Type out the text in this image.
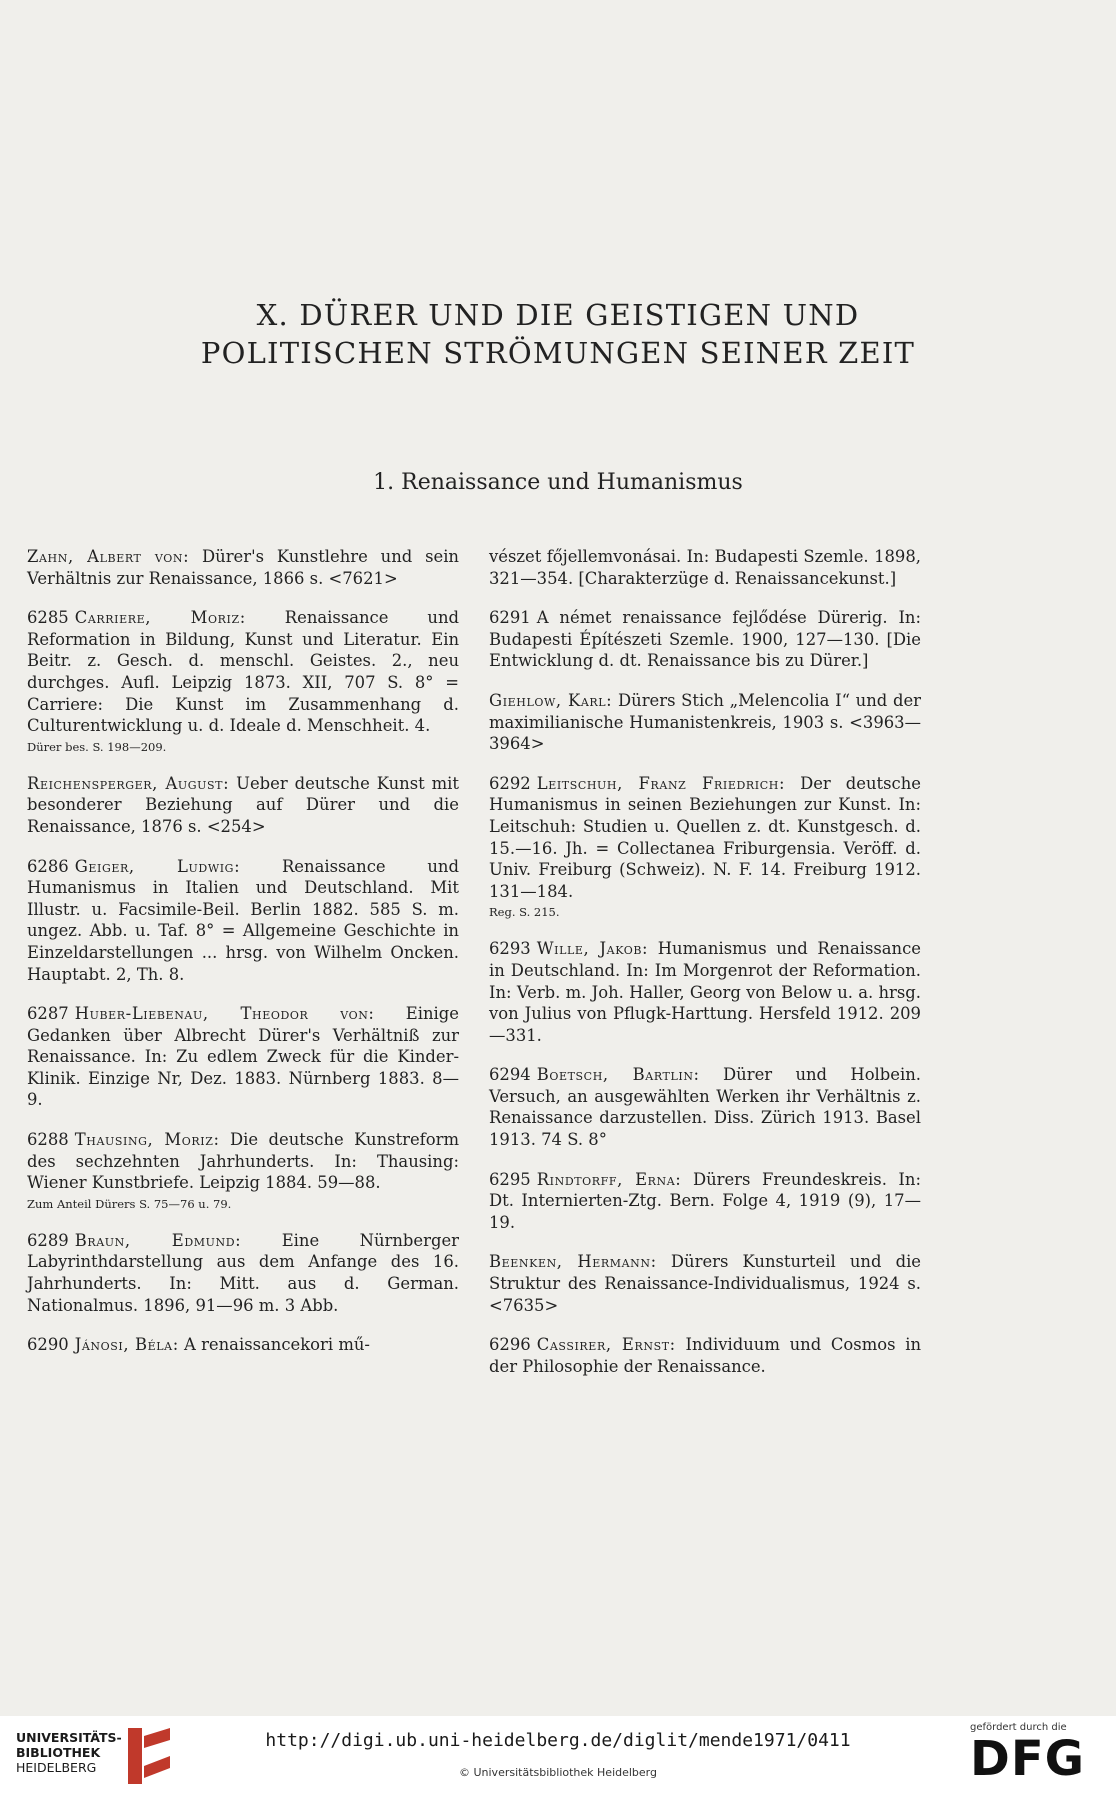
X. DÜRER UND DIE GEISTIGEN UND
POLITISCHEN STRÖMUNGEN SEINER ZEIT
1. Renaissance und Humanismus

Zahn, Albert von: Dürer's Kunstlehre und sein Verhältnis zur Renaissance, 1866 s. <7621>

6285 Carriere, Moriz: Renaissance und Reformation in Bildung, Kunst und Literatur. Ein Beitr. z. Gesch. d. menschl. Geistes. 2., neu durchges. Aufl. Leipzig 1873. XII, 707 S. 8° = Carriere: Die Kunst im Zusammenhang d. Culturentwicklung u. d. Ideale d. Menschheit. 4.
Dürer bes. S. 198—209.

Reichensperger, August: Ueber deutsche Kunst mit besonderer Beziehung auf Dürer und die Renaissance, 1876 s. <254>

6286 Geiger, Ludwig:	Renaissance und Humanismus in Italien und Deutschland. Mit Illustr. u. Facsimile-Beil. Berlin 1882. 585 S. m. ungez. Abb. u. Taf. 8° = Allgemeine Geschichte in Einzeldarstellungen ... hrsg. von Wilhelm Oncken. Hauptabt. 2, Th. 8.

6287 Huber-Liebenau, Theodor von: Einige Gedanken über Albrecht Dürer's Verhältniß zur Renaissance. In: Zu edlem Zweck für die Kinder-Klinik. Einzige Nr, Dez. 1883. Nürnberg 1883. 8—9.

6288 Thausing, Moriz: Die deutsche Kunstreform des sechzehnten Jahrhunderts. In: Thausing: Wiener Kunstbriefe. Leipzig 1884. 59—88.
Zum Anteil Dürers S. 75—76 u. 79.

6289 Braun, Edmund: Eine Nürnberger Labyrinthdarstellung aus dem Anfange des 16. Jahrhunderts. In: Mitt. aus d. German. Nationalmus. 1896, 91—96 m. 3 Abb.

6290 Jánosi, Béla: A renaissancekori mű-

vészet főjellemvonásai. In: Budapesti Szemle. 1898, 321—354. [Charakterzüge d. Renaissancekunst.]

6291 A német renaissance fejlődése Dürerig. In: Budapesti Építészeti Szemle. 1900, 127—130. [Die Entwicklung d. dt. Renaissance bis zu Dürer.]

Giehlow, Karl: Dürers Stich „Melencolia I“ und der maximilianische Humanistenkreis, 1903 s. <3963—3964>

6292 Leitschuh, Franz Friedrich: Der deutsche Humanismus in seinen Beziehungen zur Kunst. In: Leitschuh: Studien u. Quellen z. dt. Kunstgesch. d. 15.—16. Jh. = Collectanea Friburgensia. Veröff. d. Univ. Freiburg (Schweiz). N. F. 14. Freiburg 1912. 131—184.
Reg. S. 215.

6293 Wille, Jakob: Humanismus und Renaissance in Deutschland. In: Im Morgenrot der Reformation. In: Verb. m. Joh. Haller, Georg von Below u. a. hrsg. von Julius von Pflugk-Harttung. Hersfeld 1912. 209—331.

6294 Boetsch, Bartlin: Dürer und Holbein. Versuch, an ausgewählten Werken ihr Verhältnis z. Renaissance darzustellen. Diss. Zürich 1913. Basel 1913. 74 S. 8°

6295 Rindtorff, Erna: Dürers Freundeskreis. In: Dt. Internierten-Ztg. Bern. Folge 4, 1919 (9), 17—19.

Beenken, Hermann: Dürers Kunsturteil und die Struktur des Renaissance-Individualismus, 1924 s. <7635>

6296 Cassirer, Ernst: Individuum und Cosmos in der Philosophie der Renaissance.

UNIVERSITÄTS-
BIBLIOTHEK
HEIDELBERG
http://digi.ub.uni-heidelberg.de/diglit/mende1971/0411
© Universitätsbibliothek Heidelberg
gefördert durch die
DFG
